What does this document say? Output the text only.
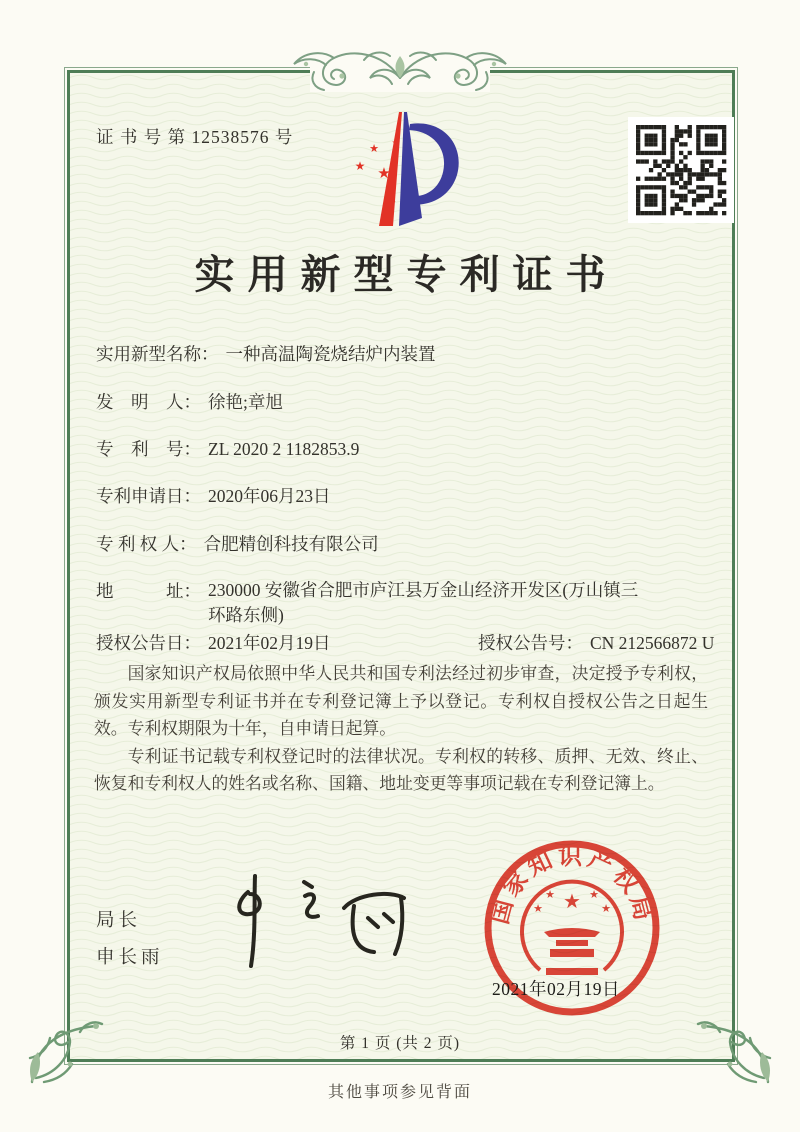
证 书 号 第 12538576 号	★
★
★ ★
★
实用新型专利证书
实用新型名称： 一种高温陶瓷烧结炉内装置
发　明　人： 徐艳;章旭
专　利　号： ZL 2020 2 1182853.9
专利申请日： 2020年06月23日
专 利 权 人： 合肥精创科技有限公司
地　　　址： 230000 安徽省合肥市庐江县万金山经济开发区(万山镇三
环路东侧)
授权公告日： 2021年02月19日	授权公告号： CN 212566872 U

国家知识产权局依照中华人民共和国专利法经过初步审查，决定授予专利权，颁发实用新型专利证书并在专利登记簿上予以登记。专利权自授权公告之日起生效。专利权期限为十年，自申请日起算。

专利证书记载专利权登记时的法律状况。专利权的转移、质押、无效、终止、恢复和专利权人的姓名或名称、国籍、地址变更等事项记载在专利登记簿上。

局长
申长雨
国家知识产权局
★
★	★
★	★
2021年02月19日
第 1 页 (共 2 页)
其他事项参见背面
